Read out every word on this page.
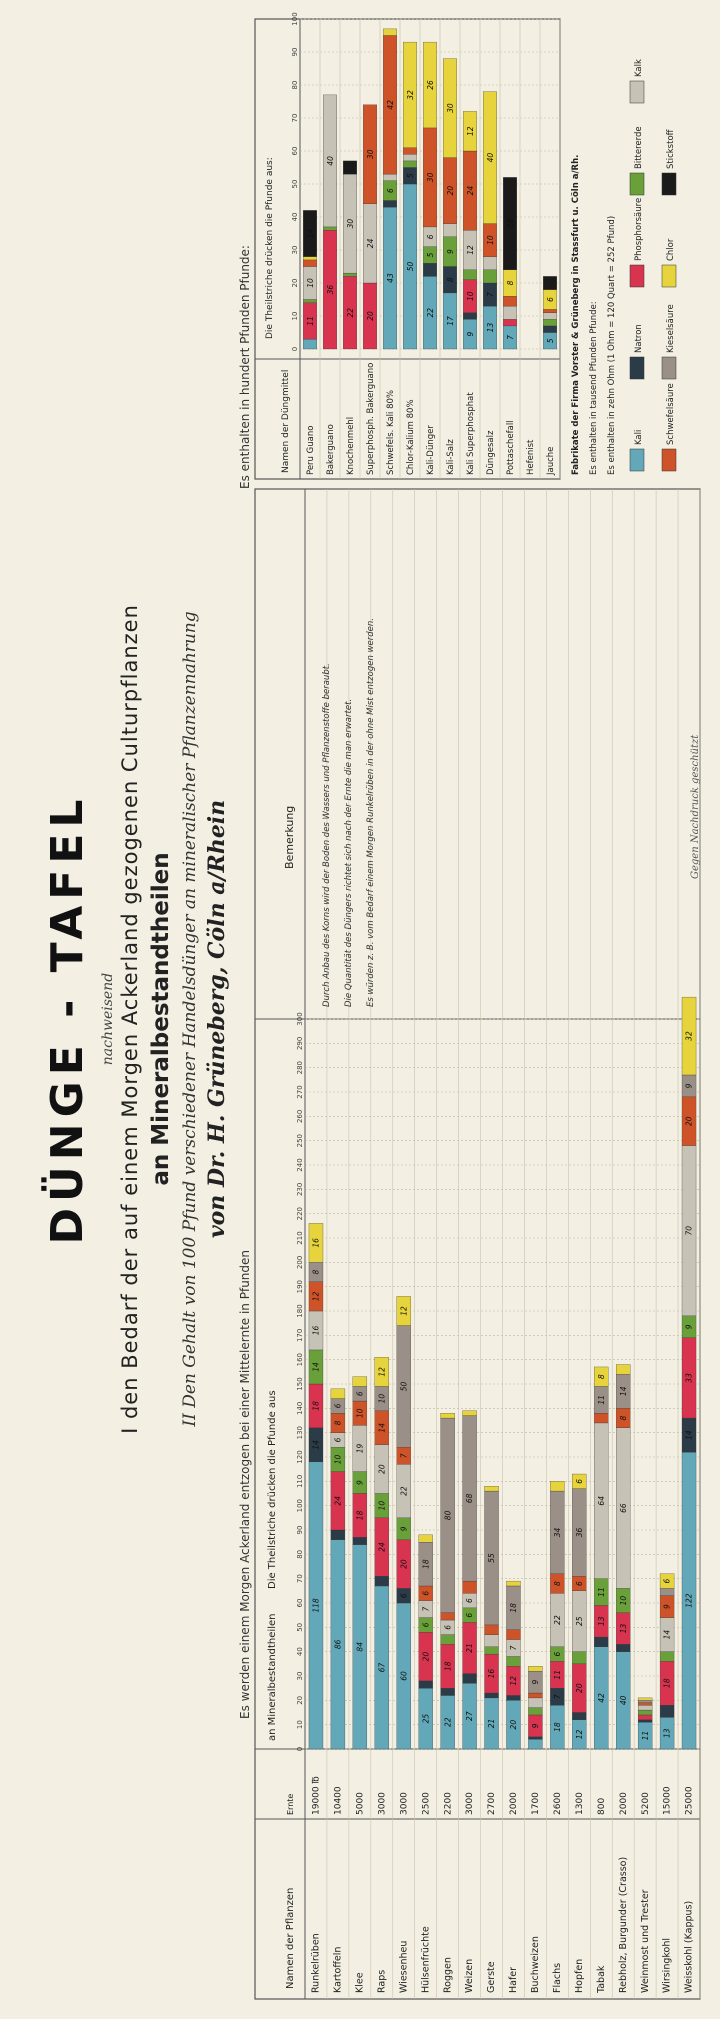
DÜNGE - TAFEL nachweisend I den Bedarf der auf einem Morgen Ackerland gezogenen Culturpflanzen an Mineralbestandtheilen II Den Gehalt von 100 Pfund verschiedener Handelsdünger an mineralischer Pflanzennahrung von Dr. H. Grüneberg, Cöln a/Rhein
Es werden einem Morgen Ackerland entzogen bei einer Mittelernte in Pfunden
Es enthalten in hundert Pfunden Pfunde:
Namen der Pflanzen
Ernte
an Mineralbestandtheilen
Die Theilstriche drücken die Pfunde aus
Bemerkung
0
10
20
30
40
50
60
70
80
90
100
110
120
130
140
150
160
170
180
190
200
210
220
230
240
250
260
270
280
290
300
Runkelrüben
19000 ℔
118
14
18
14
16
12
8
16
Kartoffeln
10400
86
24
10
6
8
6
Klee
5000
84
18
9
19
10
6
Raps
3000
67
24
10
20
14
10
12
Wiesenheu
3000
60
6
20
9
22
7
50
12
Hülsenfrüchte
2500
25
20
6
7
6
18
Roggen
2200
22
18
6
80
Weizen
3000
27
21
6
6
68
Gerste
2700
21
16
55
Hafer
2000
20
12
7
18
Buchweizen
1700
9
9
Flachs
2600
18
7
11
6
22
8
34
Hopfen
1300
12
20
25
6
36
6
Tabak
800
42
13
11
64
11
8
Rebholz, Burgunder (Crasso)
2000
40
13
10
66
8
14
Weinmost und Trester
5200
11
Wirsingkohl
15000
13
18
14
9
6
Weisskohl (Kappus)
25000
122
14
33
9
70
20
9
32
Durch Anbau des Korns wird der Boden des Wassers und Pflanzenstoffe beraubt. Die Quantität des Düngers richtet sich nach der Ernte die man erwartet. Es würden z. B. vom Bedarf einem Morgen Runkelrüben in der ohne Mist entzogen werden.
Namen der Düngmittel
Die Theilstriche drücken die Pfunde aus:
0
10
20
30
40
50
60
70
80
90
100
Peru Guano
11
10
14
Bakerguano
36
40
Knochenmehl
22
30
Superphosph. Bakerguano
20
24
30
Schwefels. Kali 80%
43
6
42
Chlor-Kalium 80%
50
5
32
Kali-Dünger
22
5
6
30
26
Kali-Salz
17
8
9
20
30
Kali Superphosphat
9
10
12
24
12
Düngesalz
13
7
10
40
Pottaschefall
7
8
28
Hefenist Jauche
5
6 Fabrikate der Firma Vorster & Grüneberg in Stassfurt u. Cöln a/Rh. Es enthalten in tausend Pfunden Pfunde: Es enthalten in zehn Ohm (1 Ohm = 120 Quart = 252 Pfund) Kali
Natron
Phosphorsäure
Bittererde
Kalk
Schwefelsäure
Kieselsäure
Chlor
Stickstoff
Gegen Nachdruck geschützt
